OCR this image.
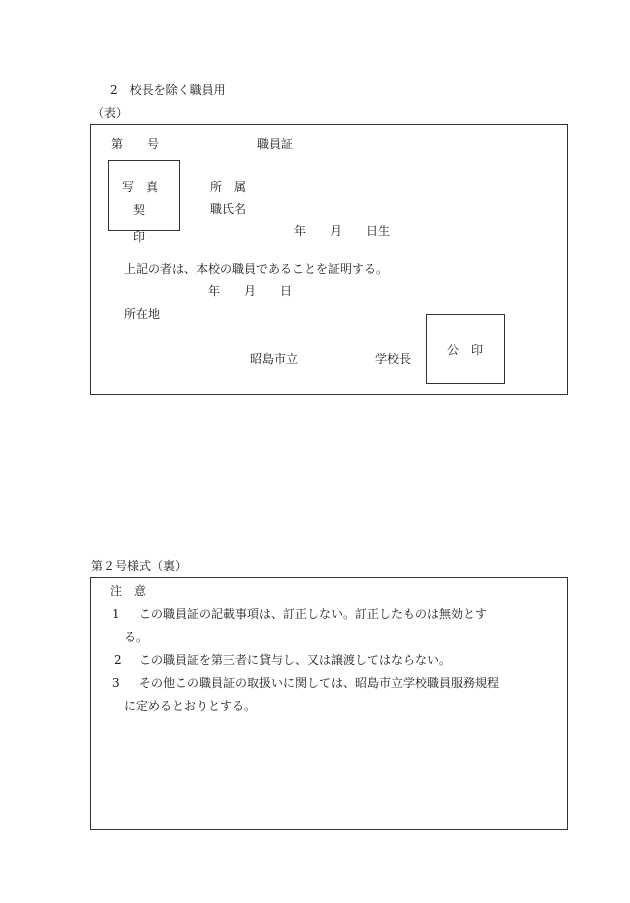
2　校長を除く職員用
（表）
第　　号	職員証
写　真
契
印
所　属
職氏名
年　　月　　日生
上記の者は、本校の職員であることを証明する。
年　　月　　日
所在地
昭島市立	学校長
公　印
第２号様式（裏）
注　意
1 この職員証の記載事項は、訂正しない。訂正したものは無効とす
る。
2 この職員証を第三者に貸与し、又は譲渡してはならない。
3 その他この職員証の取扱いに関しては、昭島市立学校職員服務規程
に定めるとおりとする。
